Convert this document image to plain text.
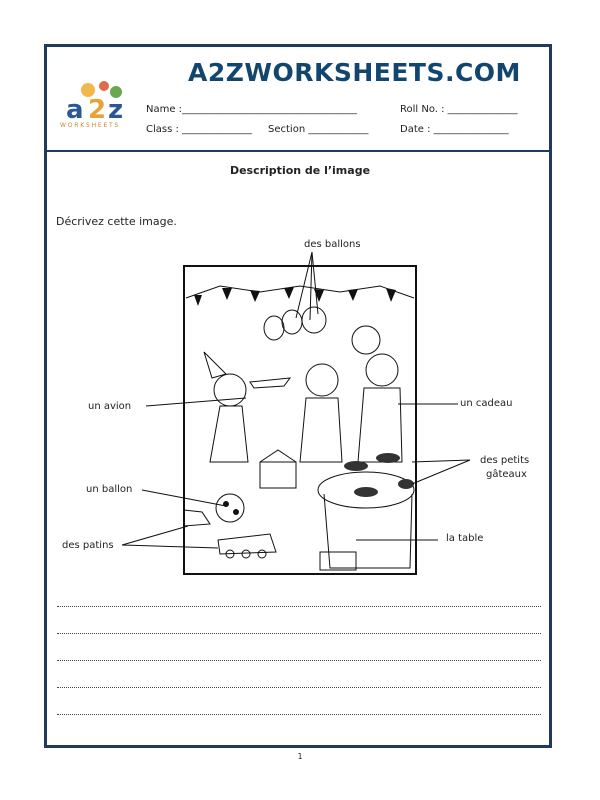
a 2 z
WORKSHEETS
A2ZWORKSHEETS.COM
Name :___________________________________	Roll No. : ______________
Class : ______________ Section ____________	Date : _______________
Description de l’image
Décrivez cette image.
des ballons
un avion	un cadeau
des petits
gâteaux
un ballon
la table
des patins
1
